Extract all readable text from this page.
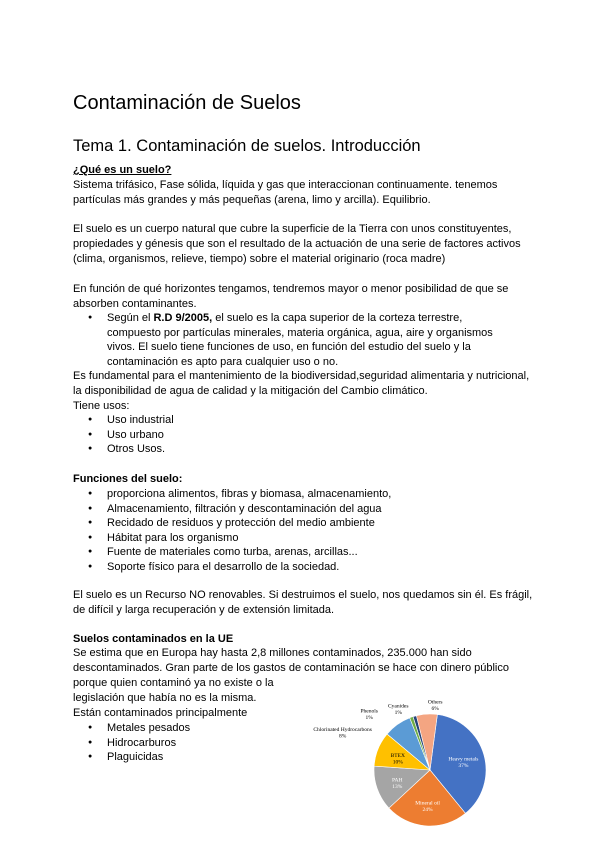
Contaminación de Suelos
Tema 1. Contaminación de suelos. Introducción

¿Qué es un suelo?

Sistema trifásico, Fase sólida, líquida y gas que interaccionan continuamente. tenemos partículas más grandes y más pequeñas (arena, limo y arcilla). Equilibrio.

El suelo es un cuerpo natural que cubre la superficie de la Tierra con unos constituyentes, propiedades y génesis que son el resultado de la actuación de una serie de factores activos (clima, organismos, relieve, tiempo) sobre el material originario (roca madre)

En función de qué horizontes tengamos, tendremos mayor o menor posibilidad de que se absorben contaminantes.

● Según el R.D 9/2005, el suelo es la capa superior de la corteza terrestre, compuesto por partículas minerales, materia orgánica, agua, aire y organismos vivos. El suelo tiene funciones de uso, en función del estudio del suelo y la contaminación es apto para cualquier uso o no.

Es fundamental para el mantenimiento de la biodiversidad,seguridad alimentaria y nutricional, la disponibilidad de agua de calidad y la mitigación del Cambio climático.

Tiene usos:

● Uso industrial
● Uso urbano
● Otros Usos.

Funciones del suelo:

● proporciona alimentos, fibras y biomasa, almacenamiento,
● Almacenamiento, filtración y descontaminación del agua
● Recidado de residuos y protección del medio ambiente
● Hábitat para los organismo
● Fuente de materiales como turba, arenas, arcillas...
● Soporte físico para el desarrollo de la sociedad.

El suelo es un Recurso NO renovables. Si destruimos el suelo, nos quedamos sin él. Es frágil, de difícil y larga recuperación y de extensión limitada.

Suelos contaminados en la UE

Se estima que en Europa hay hasta 2,8 millones contaminados, 235.000 han sido

descontaminados. Gran parte de los gastos de contaminación se hace con dinero público

porque quien contaminó ya no existe o la

legislación que había no es la misma.

Están contaminados principalmente

● Metales pesados
● Hidrocarburos
● Plaguicidas	Heavy metals
37%
Mineral oil
24%
PAH
13%
BTEX
10%
Chlorinated Hydrocarbons
8%
Phenols
1%
Cyanides
1%
Others
6%
